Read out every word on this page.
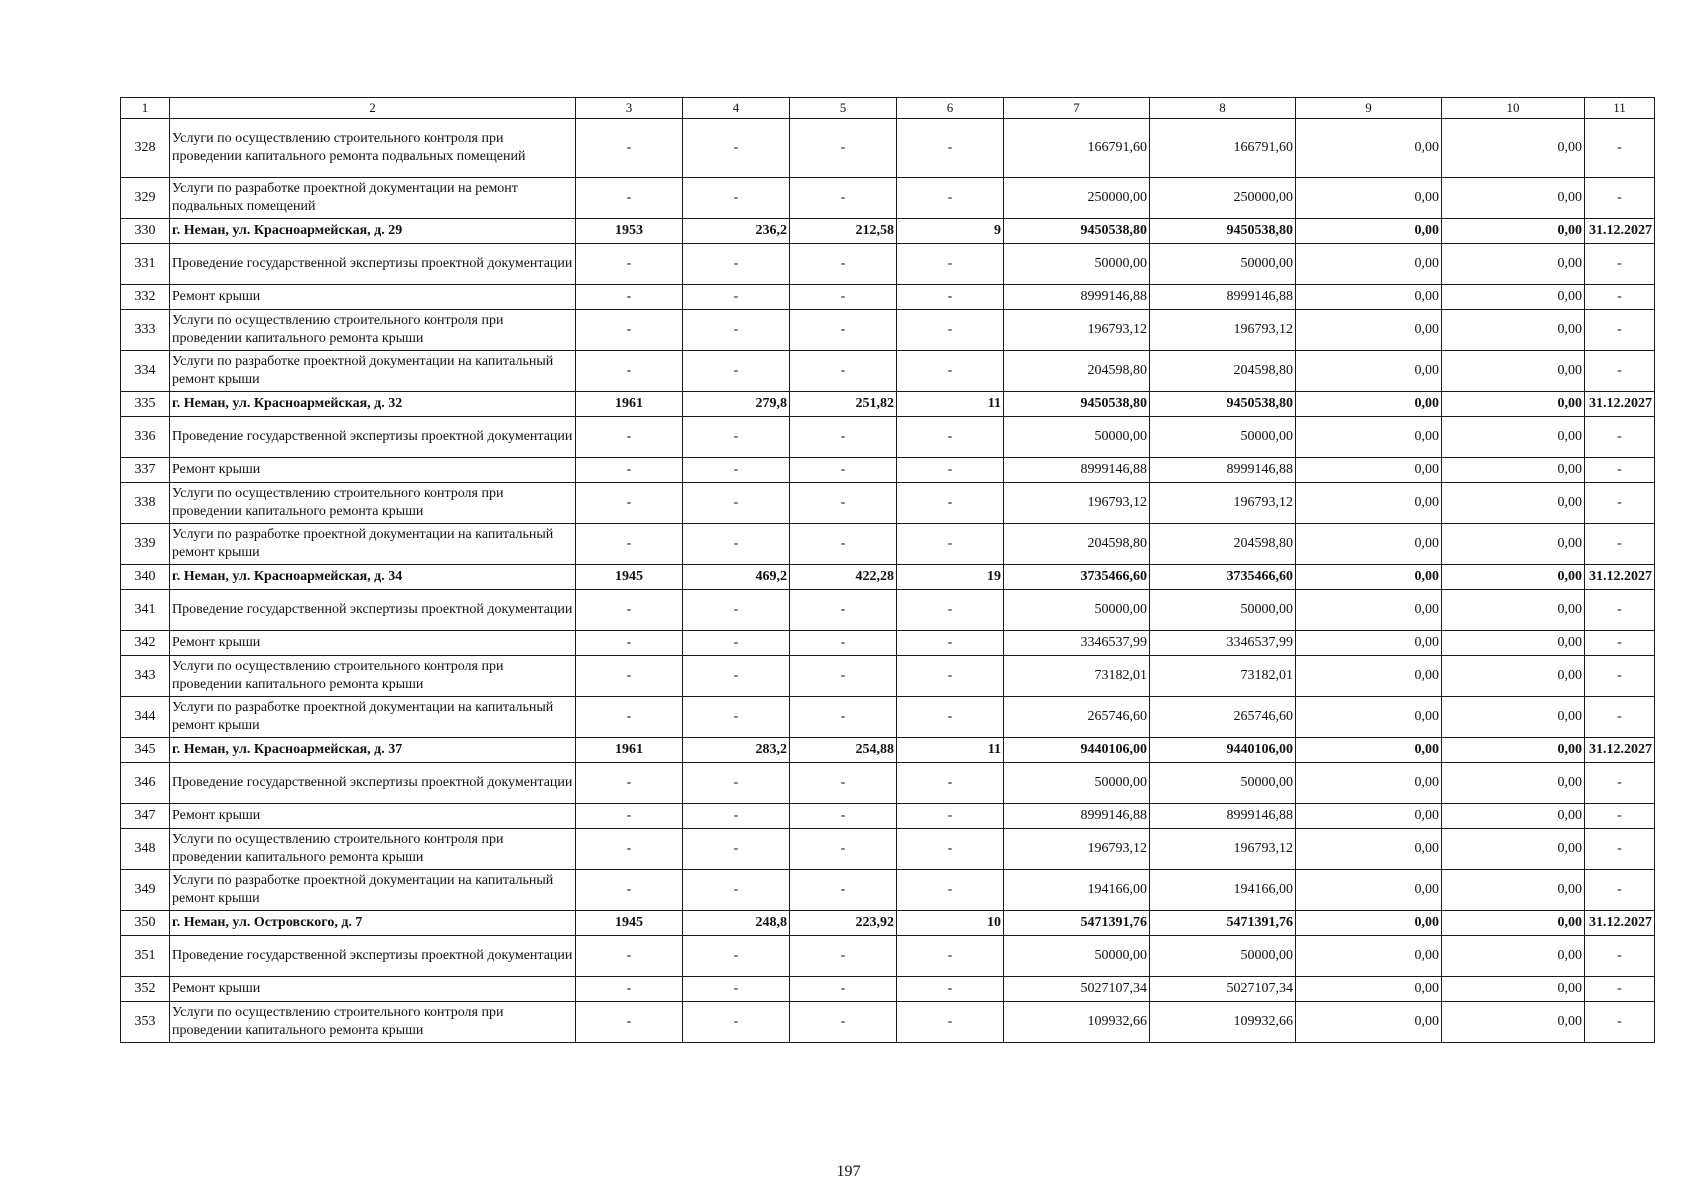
1	2	3	4	5	6	7	8	9	10	11
328	Услуги по осуществлению строительного контроля при проведении капитального ремонта подвальных помещений	-	-	-	-	166791,60	166791,60	0,00	0,00	-
329	Услуги по разработке проектной документации на ремонт подвальных помещений	-	-	-	-	250000,00	250000,00	0,00	0,00	-
330	г. Неман, ул. Красноармейская, д. 29	1953	236,2	212,58	9	9450538,80	9450538,80	0,00	0,00	31.12.2027
331	Проведение государственной экспертизы проектной документации	-	-	-	-	50000,00	50000,00	0,00	0,00	-
332	Ремонт крыши	-	-	-	-	8999146,88	8999146,88	0,00	0,00	-
333	Услуги по осуществлению строительного контроля при проведении капитального ремонта крыши	-	-	-	-	196793,12	196793,12	0,00	0,00	-
334	Услуги по разработке проектной документации на капитальный ремонт крыши	-	-	-	-	204598,80	204598,80	0,00	0,00	-
335	г. Неман, ул. Красноармейская, д. 32	1961	279,8	251,82	11	9450538,80	9450538,80	0,00	0,00	31.12.2027
336	Проведение государственной экспертизы проектной документации	-	-	-	-	50000,00	50000,00	0,00	0,00	-
337	Ремонт крыши	-	-	-	-	8999146,88	8999146,88	0,00	0,00	-
338	Услуги по осуществлению строительного контроля при проведении капитального ремонта крыши	-	-	-	-	196793,12	196793,12	0,00	0,00	-
339	Услуги по разработке проектной документации на капитальный ремонт крыши	-	-	-	-	204598,80	204598,80	0,00	0,00	-
340	г. Неман, ул. Красноармейская, д. 34	1945	469,2	422,28	19	3735466,60	3735466,60	0,00	0,00	31.12.2027
341	Проведение государственной экспертизы проектной документации	-	-	-	-	50000,00	50000,00	0,00	0,00	-
342	Ремонт крыши	-	-	-	-	3346537,99	3346537,99	0,00	0,00	-
343	Услуги по осуществлению строительного контроля при проведении капитального ремонта крыши	-	-	-	-	73182,01	73182,01	0,00	0,00	-
344	Услуги по разработке проектной документации на капитальный ремонт крыши	-	-	-	-	265746,60	265746,60	0,00	0,00	-
345	г. Неман, ул. Красноармейская, д. 37	1961	283,2	254,88	11	9440106,00	9440106,00	0,00	0,00	31.12.2027
346	Проведение государственной экспертизы проектной документации	-	-	-	-	50000,00	50000,00	0,00	0,00	-
347	Ремонт крыши	-	-	-	-	8999146,88	8999146,88	0,00	0,00	-
348	Услуги по осуществлению строительного контроля при проведении капитального ремонта крыши	-	-	-	-	196793,12	196793,12	0,00	0,00	-
349	Услуги по разработке проектной документации на капитальный ремонт крыши	-	-	-	-	194166,00	194166,00	0,00	0,00	-
350	г. Неман, ул. Островского, д. 7	1945	248,8	223,92	10	5471391,76	5471391,76	0,00	0,00	31.12.2027
351	Проведение государственной экспертизы проектной документации	-	-	-	-	50000,00	50000,00	0,00	0,00	-
352	Ремонт крыши	-	-	-	-	5027107,34	5027107,34	0,00	0,00	-
353	Услуги по осуществлению строительного контроля при проведении капитального ремонта крыши	-	-	-	-	109932,66	109932,66	0,00	0,00	-
197
